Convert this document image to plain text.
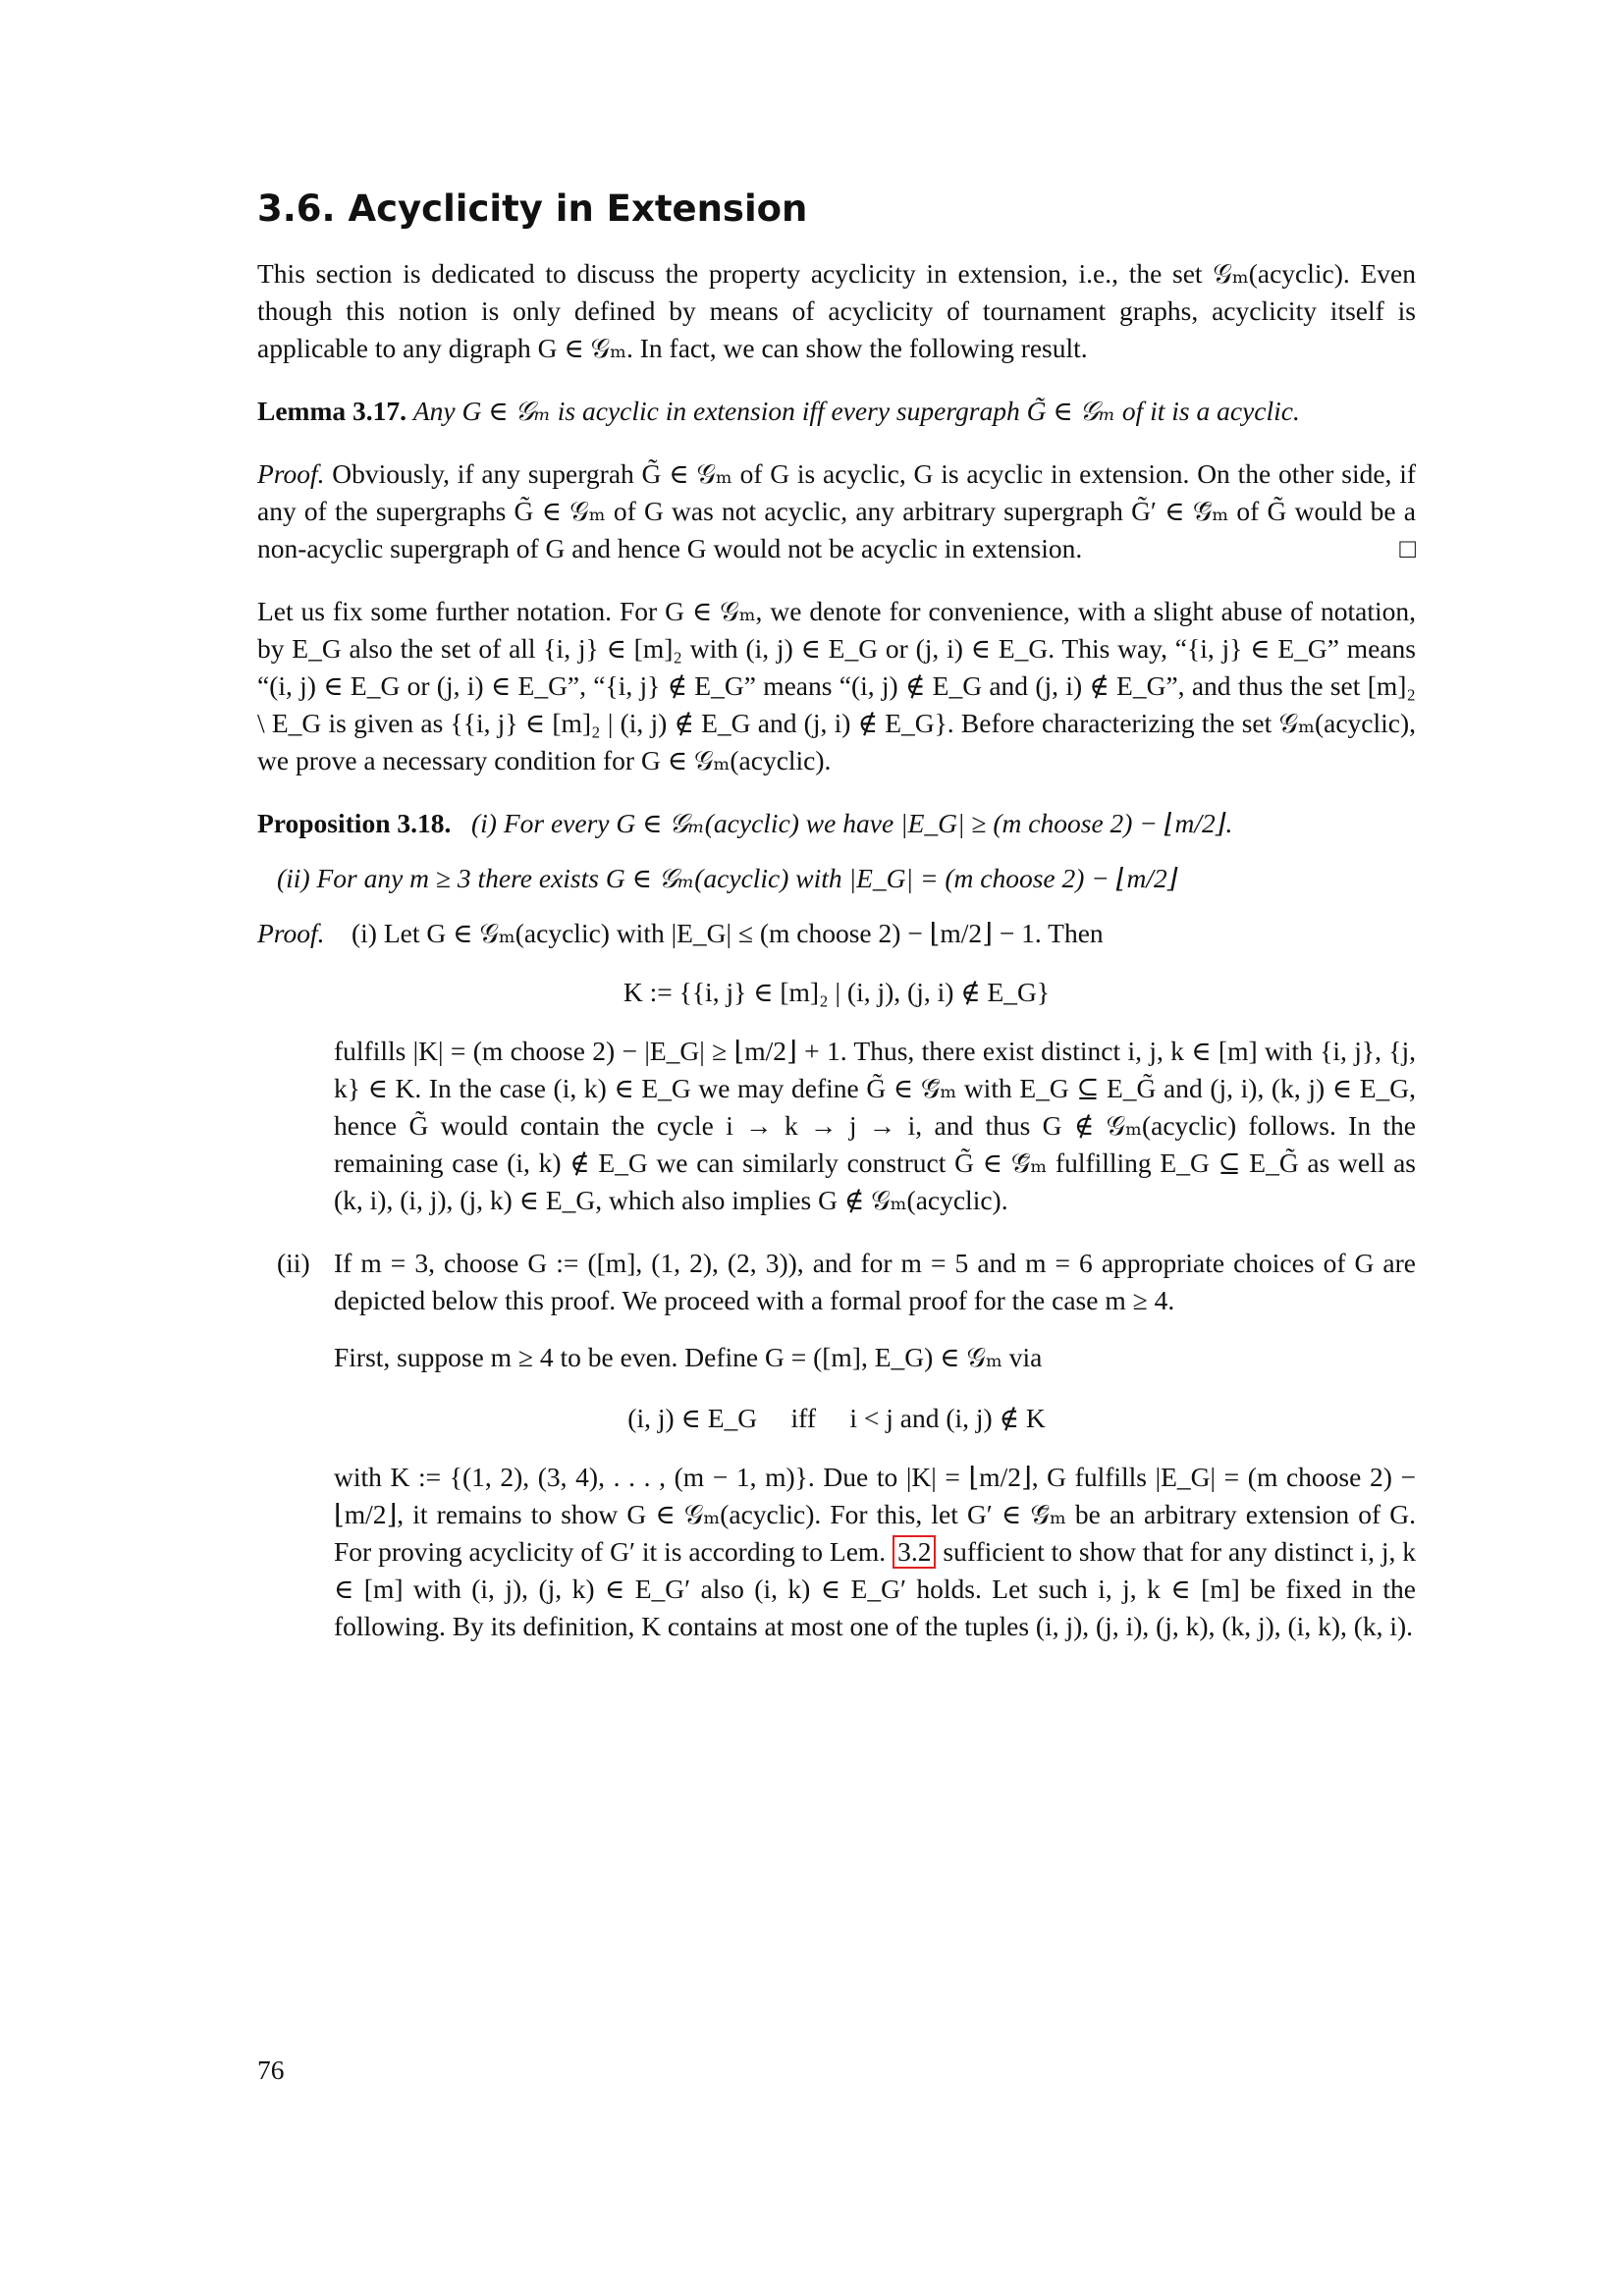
3.6. Acyclicity in Extension

This section is dedicated to discuss the property acyclicity in extension, i.e., the set 𝒢ₘ(acyclic). Even though this notion is only defined by means of acyclicity of tournament graphs, acyclicity itself is applicable to any digraph G ∈ 𝒢ₘ. In fact, we can show the following result.

Lemma 3.17. Any G ∈ 𝒢ₘ is acyclic in extension iff every supergraph G̃ ∈ 𝒢ₘ of it is a acyclic.

Proof. Obviously, if any supergrah G̃ ∈ 𝒢ₘ of G is acyclic, G is acyclic in extension. On the other side, if any of the supergraphs G̃ ∈ 𝒢ₘ of G was not acyclic, any arbitrary supergraph G̃′ ∈ 𝒢̄ₘ of G̃ would be a non-acyclic supergraph of G and hence G would not be acyclic in extension.	□

Let us fix some further notation. For G ∈ 𝒢ₘ, we denote for convenience, with a slight abuse of notation, by E_G also the set of all {i, j} ∈ [m]₂ with (i, j) ∈ E_G or (j, i) ∈ E_G. This way, “{i, j} ∈ E_G” means “(i, j) ∈ E_G or (j, i) ∈ E_G”, “{i, j} ∉ E_G” means “(i, j) ∉ E_G and (j, i) ∉ E_G”, and thus the set [m]₂ \ E_G is given as {{i, j} ∈ [m]₂ | (i, j) ∉ E_G and (j, i) ∉ E_G}. Before characterizing the set 𝒢ₘ(acyclic), we prove a necessary condition for G ∈ 𝒢ₘ(acyclic).

Proposition 3.18. (i) For every G ∈ 𝒢ₘ(acyclic) we have |E_G| ≥ (m choose 2) − ⌊m/2⌋.

(ii) For any m ≥ 3 there exists G ∈ 𝒢ₘ(acyclic) with |E_G| = (m choose 2) − ⌊m/2⌋

Proof. (i) Let G ∈ 𝒢ₘ(acyclic) with |E_G| ≤ (m choose 2) − ⌊m/2⌋ − 1. Then

K := {{i, j} ∈ [m]₂ | (i, j), (j, i) ∉ E_G}

fulfills |K| = (m choose 2) − |E_G| ≥ ⌊m/2⌋ + 1. Thus, there exist distinct i, j, k ∈ [m] with {i, j}, {j, k} ∈ K. In the case (i, k) ∈ E_G we may define G̃ ∈ 𝒢̄ₘ with E_G ⊆ E_G̃ and (j, i), (k, j) ∈ E_G, hence G̃ would contain the cycle i → k → j → i, and thus G ∉ 𝒢ₘ(acyclic) follows. In the remaining case (i, k) ∉ E_G we can similarly construct G̃ ∈ 𝒢̄ₘ fulfilling E_G ⊆ E_G̃ as well as (k, i), (i, j), (j, k) ∈ E_G, which also implies G ∉ 𝒢ₘ(acyclic).

(ii) If m = 3, choose G := ([m], (1, 2), (2, 3)), and for m = 5 and m = 6 appropriate choices of G are depicted below this proof. We proceed with a formal proof for the case m ≥ 4.

First, suppose m ≥ 4 to be even. Define G = ([m], E_G) ∈ 𝒢ₘ via

(i, j) ∈ E_G     iff     i < j and (i, j) ∉ K

with K := {(1, 2), (3, 4), . . . , (m − 1, m)}. Due to |K| = ⌊m/2⌋, G fulfills |E_G| = (m choose 2) − ⌊m/2⌋, it remains to show G ∈ 𝒢ₘ(acyclic). For this, let G′ ∈ 𝒢̄ₘ be an arbitrary extension of G. For proving acyclicity of G′ it is according to Lem. 3.2 sufficient to show that for any distinct i, j, k ∈ [m] with (i, j), (j, k) ∈ E_G′ also (i, k) ∈ E_G′ holds. Let such i, j, k ∈ [m] be fixed in the following. By its definition, K contains at most one of the tuples (i, j), (j, i), (j, k), (k, j), (i, k), (k, i).

76
